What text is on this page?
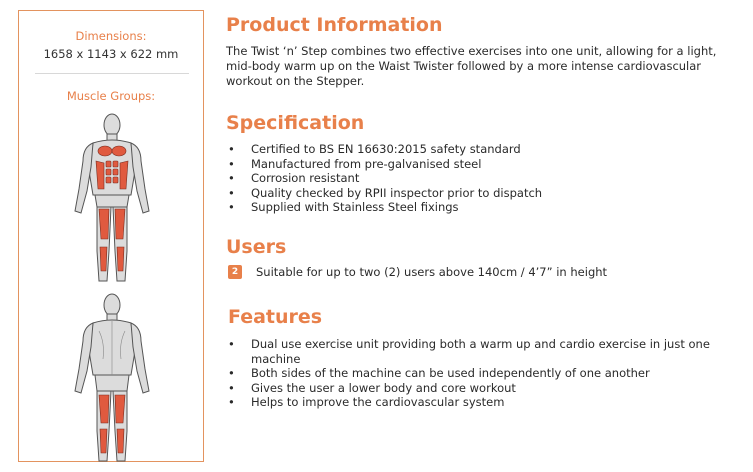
Dimensions:
1658 x 1143 x 622 mm
Muscle Groups:
Product Information

The Twist ‘n’ Step combines two effective exercises into one unit, allowing for a light, mid-body warm up on the Waist Twister followed by a more intense cardiovascular workout on the Stepper.

Specification
• Certified to BS EN 16630:2015 safety standard
• Manufactured from pre-galvanised steel
• Corrosion resistant
• Quality checked by RPII inspector prior to dispatch
• Supplied with Stainless Steel fixings
Users
2	Suitable for up to two (2) users above 140cm / 4’7” in height
Features
• Dual use exercise unit providing both a warm up and cardio exercise in just one machine
• Both sides of the machine can be used independently of one another
• Gives the user a lower body and core workout
• Helps to improve the cardiovascular system
